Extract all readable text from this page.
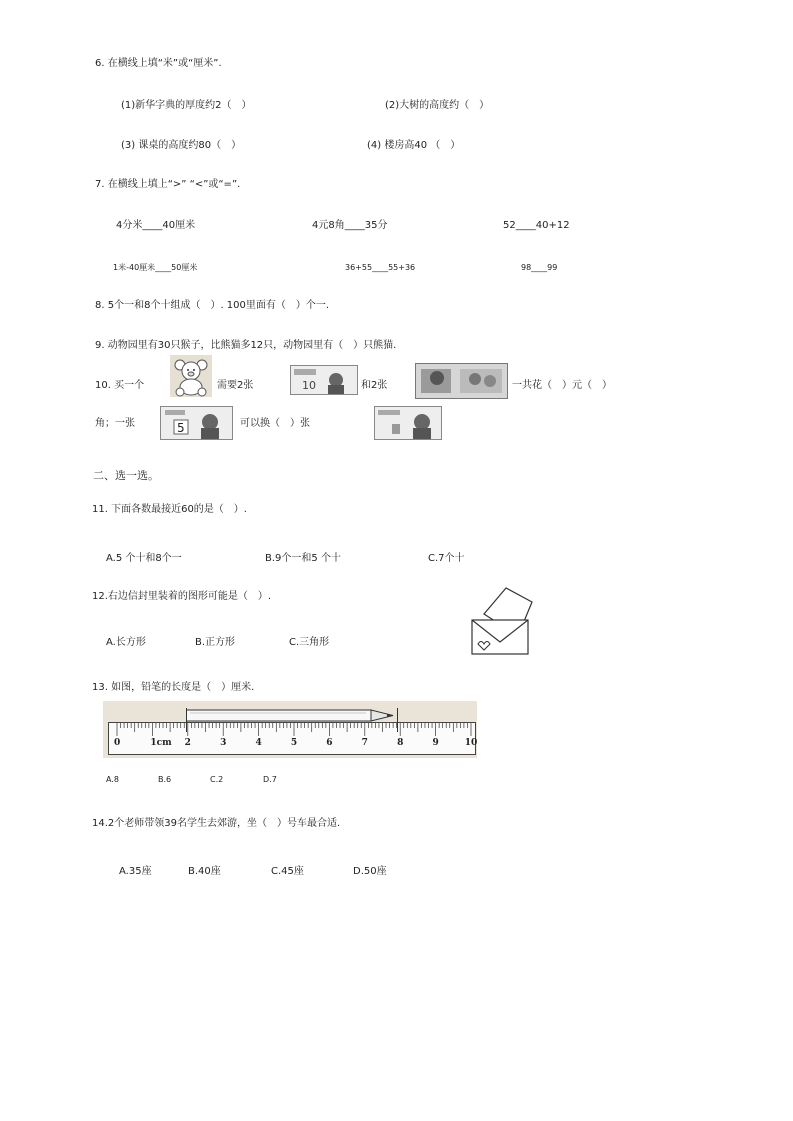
6. 在横线上填“米”或“厘米”.
(1)新华字典的厚度约2（　）	(2)大树的高度约（　）
(3) 课桌的高度约80（　）	(4) 楼房高40 （　）
7. 在横线上填上“>” “<”或“=”.
4分米____40厘米	4元8角____35分	52____40+12
1米-40厘米____50厘米	36+55____55+36	98____99
8. 5个一和8个十组成（　）. 100里面有（　）个一.
9. 动物园里有30只猴子，比熊猫多12只，动物园里有（　）只熊猫.
10. 买一个	需要2张	10	和2张	一共花（　）元（　）
角；一张	5	可以换（　）张
二、选一选。
11. 下面各数最接近60的是（　）.
A.5 个十和8个一	B.9个一和5 个十	C.7个十
12.右边信封里装着的图形可能是（　）.
A.长方形	B.正方形	C.三角形
13. 如图，铅笔的长度是（　）厘米.
0	1cm 2	3	4	5	6	7	8	9	10
A.8	B.6	C.2	D.7
14.2个老师带领39名学生去郊游，坐（　）号车最合适.
A.35座	B.40座	C.45座	D.50座
